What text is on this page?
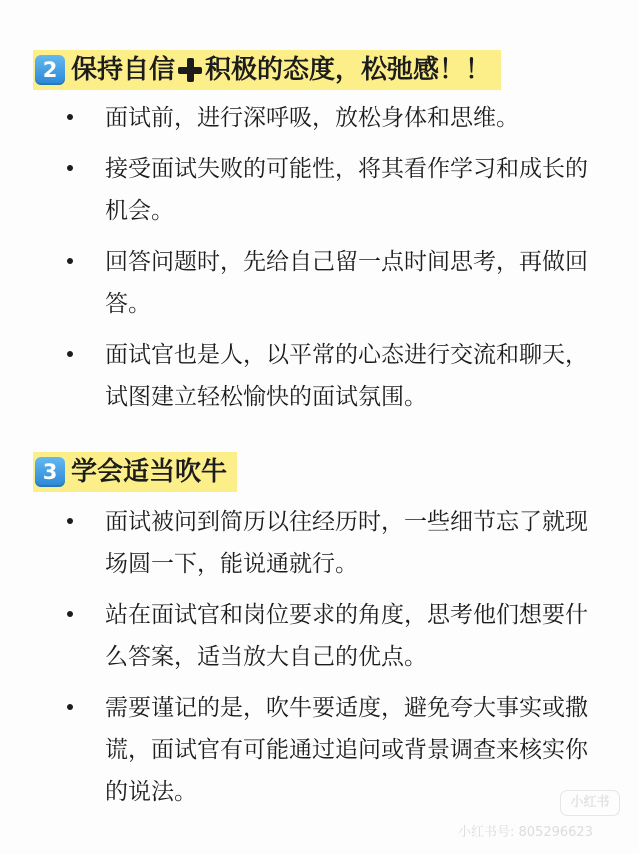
2 保持自信 积极的态度，松弛感！！
面试前，进行深呼吸，放松身体和思维。
接受面试失败的可能性，将其看作学习和成长的机会。
回答问题时，先给自己留一点时间思考，再做回答。
面试官也是人，以平常的心态进行交流和聊天，试图建立轻松愉快的面试氛围。
3 学会适当吹牛
面试被问到简历以往经历时，一些细节忘了就现场圆一下，能说通就行。
站在面试官和岗位要求的角度，思考他们想要什么答案，适当放大自己的优点。
需要谨记的是，吹牛要适度，避免夸大事实或撒谎，面试官有可能通过追问或背景调查来核实你的说法。	小红书
小红书号: 805296623
